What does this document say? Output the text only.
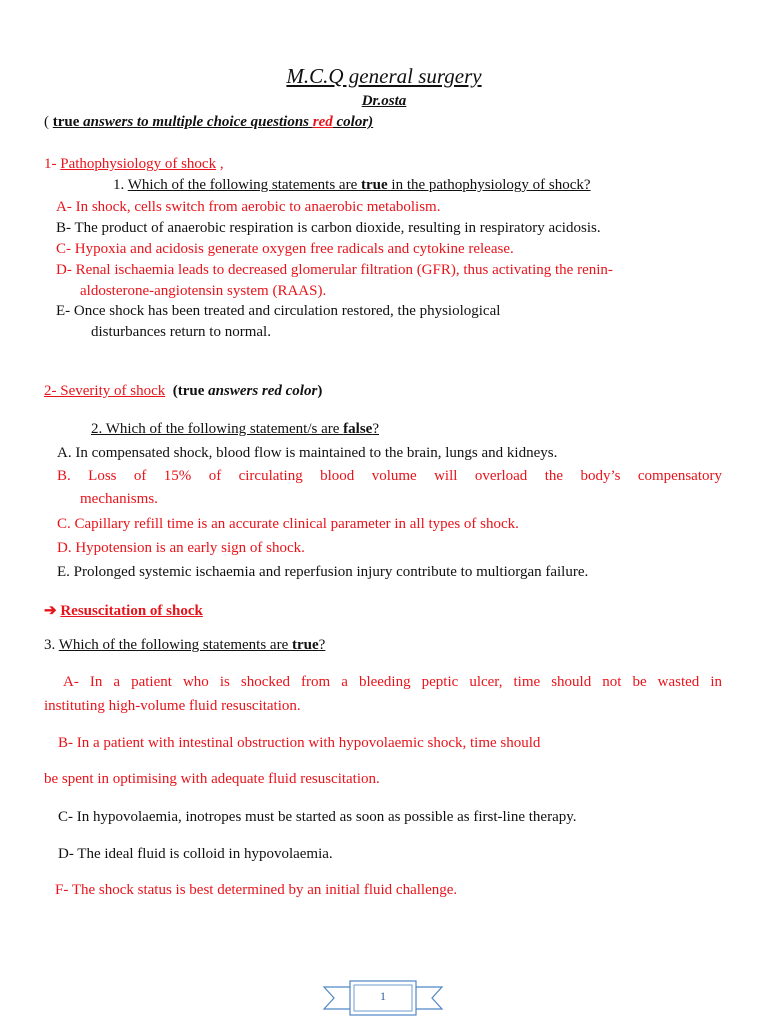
M.C.Q general surgery
Dr.osta
( true answers to multiple choice questions red color)
1- Pathophysiology of shock ,
1. Which of the following statements are true in the pathophysiology of shock?
A- In shock, cells switch from aerobic to anaerobic metabolism.
B- The product of anaerobic respiration is carbon dioxide, resulting in respiratory acidosis.
C- Hypoxia and acidosis generate oxygen free radicals and cytokine release.
D- Renal ischaemia leads to decreased glomerular filtration (GFR), thus activating the renin-
aldosterone-angiotensin system (RAAS).
E- Once shock has been treated and circulation restored, the physiological
disturbances return to normal.
2- Severity of shock (true answers red color)
2. Which of the following statement/s are false?
A. In compensated shock, blood flow is maintained to the brain, lungs and kidneys.
B. Loss of 15% of circulating blood volume will overload the body’s compensatory
mechanisms.
C. Capillary refill time is an accurate clinical parameter in all types of shock.
D. Hypotension is an early sign of shock.
E. Prolonged systemic ischaemia and reperfusion injury contribute to multiorgan failure.
➔ Resuscitation of shock
3. Which of the following statements are true?
A- In a patient who is shocked from a bleeding peptic ulcer, time should not be wasted in
instituting high-volume fluid resuscitation.
B- In a patient with intestinal obstruction with hypovolaemic shock, time should
be spent in optimising with adequate fluid resuscitation.
C- In hypovolaemia, inotropes must be started as soon as possible as first-line therapy.
D- The ideal fluid is colloid in hypovolaemia.
F- The shock status is best determined by an initial fluid challenge.
1
